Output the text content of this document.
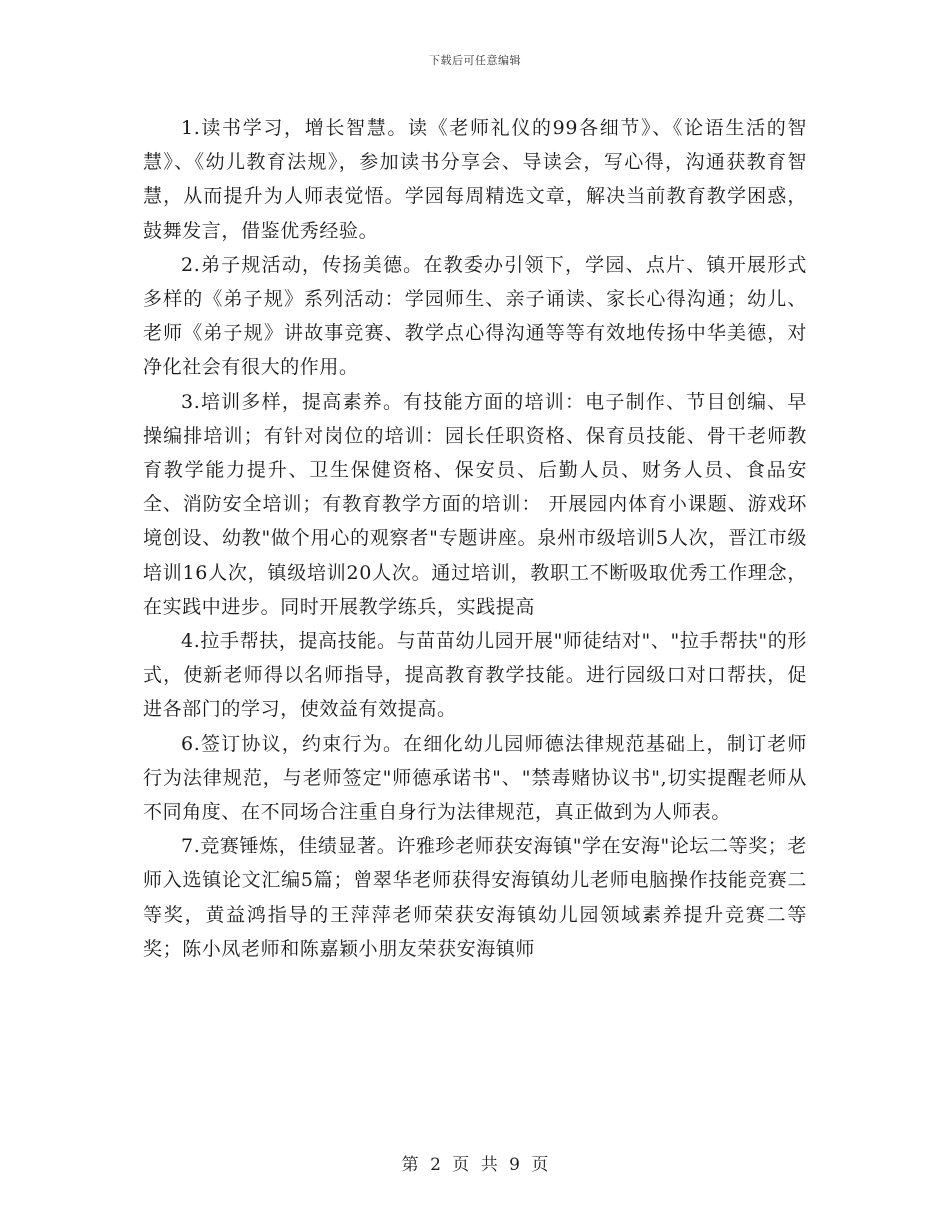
下载后可任意编辑

1.读书学习，增长智慧。读《老师礼仪的99各细节》、《论语生活的智慧》、《幼儿教育法规》，参加读书分享会、导读会，写心得，沟通获教育智慧，从而提升为人师表觉悟。学园每周精选文章，解决当前教育教学困惑，鼓舞发言，借鉴优秀经验。

2.弟子规活动，传扬美德。在教委办引领下，学园、点片、镇开展形式多样的《弟子规》系列活动：学园师生、亲子诵读、家长心得沟通；幼儿、老师《弟子规》讲故事竞赛、教学点心得沟通等等有效地传扬中华美德，对净化社会有很大的作用。

3.培训多样，提高素养。有技能方面的培训：电子制作、节目创编、早操编排培训；有针对岗位的培训：园长任职资格、保育员技能、骨干老师教育教学能力提升、卫生保健资格、保安员、后勤人员、财务人员、食品安全、消防安全培训；有教育教学方面的培训： 开展园内体育小课题、游戏环境创设、幼教"做个用心的观察者"专题讲座。泉州市级培训5人次，晋江市级培训16人次，镇级培训20人次。通过培训，教职工不断吸取优秀工作理念，在实践中进步。同时开展教学练兵，实践提高

4.拉手帮扶，提高技能。与苗苗幼儿园开展"师徒结对"、"拉手帮扶"的形式，使新老师得以名师指导，提高教育教学技能。进行园级口对口帮扶，促进各部门的学习，使效益有效提高。

6.签订协议，约束行为。在细化幼儿园师德法律规范基础上，制订老师行为法律规范，与老师签定"师德承诺书"、"禁毒赌协议书",切实提醒老师从不同角度、在不同场合注重自身行为法律规范，真正做到为人师表。

7.竞赛锤炼，佳绩显著。许雅珍老师获安海镇"学在安海"论坛二等奖；老师入选镇论文汇编5篇；曾翠华老师获得安海镇幼儿老师电脑操作技能竞赛二等奖，黄益鸿指导的王萍萍老师荣获安海镇幼儿园领域素养提升竞赛二等奖；陈小凤老师和陈嘉颖小朋友荣获安海镇师

第 2 页 共 9 页
